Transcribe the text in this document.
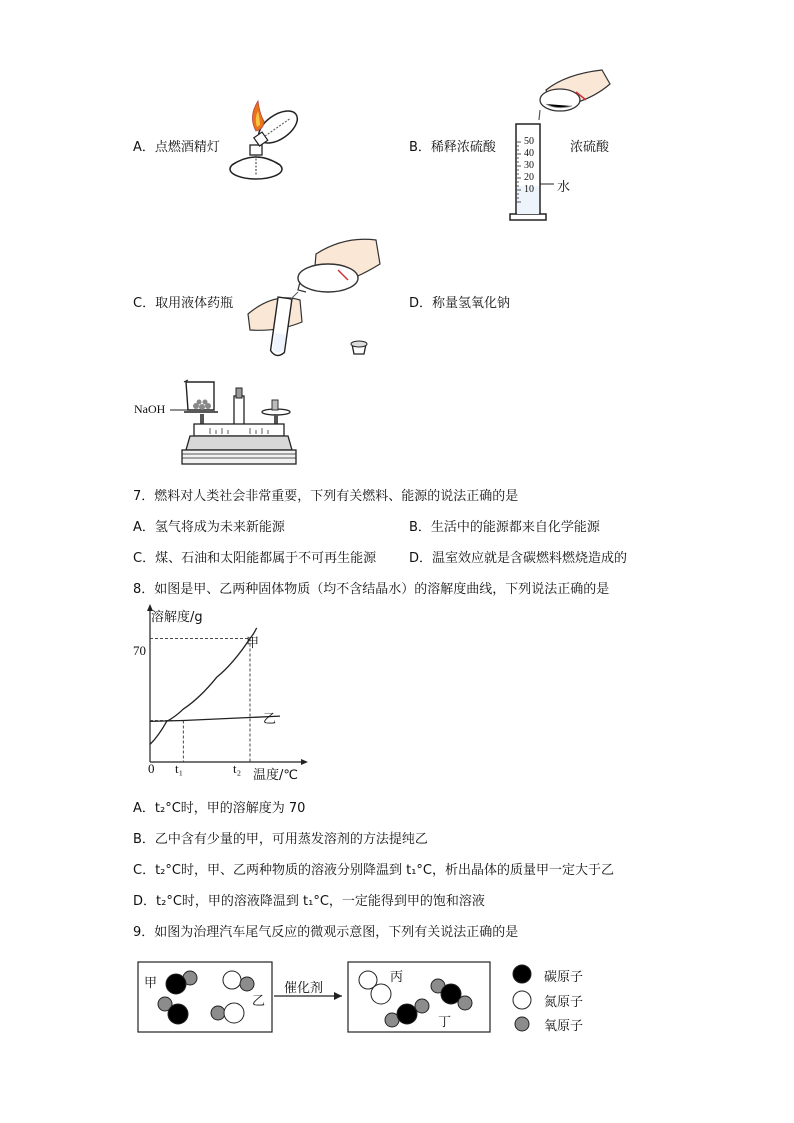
A．点燃酒精灯	B．稀释浓硫酸	50
40
30
20
10
浓硫酸
水
C．取用液体药瓶	D．称量氢氧化钠
NaOH
7．燃料对人类社会非常重要，下列有关燃料、能源的说法正确的是
A．氢气将成为未来新能源	B．生活中的能源都来自化学能源
C．煤、石油和太阳能都属于不可再生能源	D．温室效应就是含碳燃料燃烧造成的
8．如图是甲、乙两种固体物质（均不含结晶水）的溶解度曲线，下列说法正确的是
溶解度/g
温度/℃
0 t₁	t₂
70	甲
乙
A．t₂°C时，甲的溶解度为 70
B．乙中含有少量的甲，可用蒸发溶剂的方法提纯乙
C．t₂°C时，甲、乙两种物质的溶液分别降温到 t₁°C，析出晶体的质量甲一定大于乙
D．t₂°C时，甲的溶液降温到 t₁°C，一定能得到甲的饱和溶液
9．如图为治理汽车尾气反应的微观示意图，下列有关说法正确的是
甲
乙
催化剂
丙
丁
碳原子
氮原子
氧原子
